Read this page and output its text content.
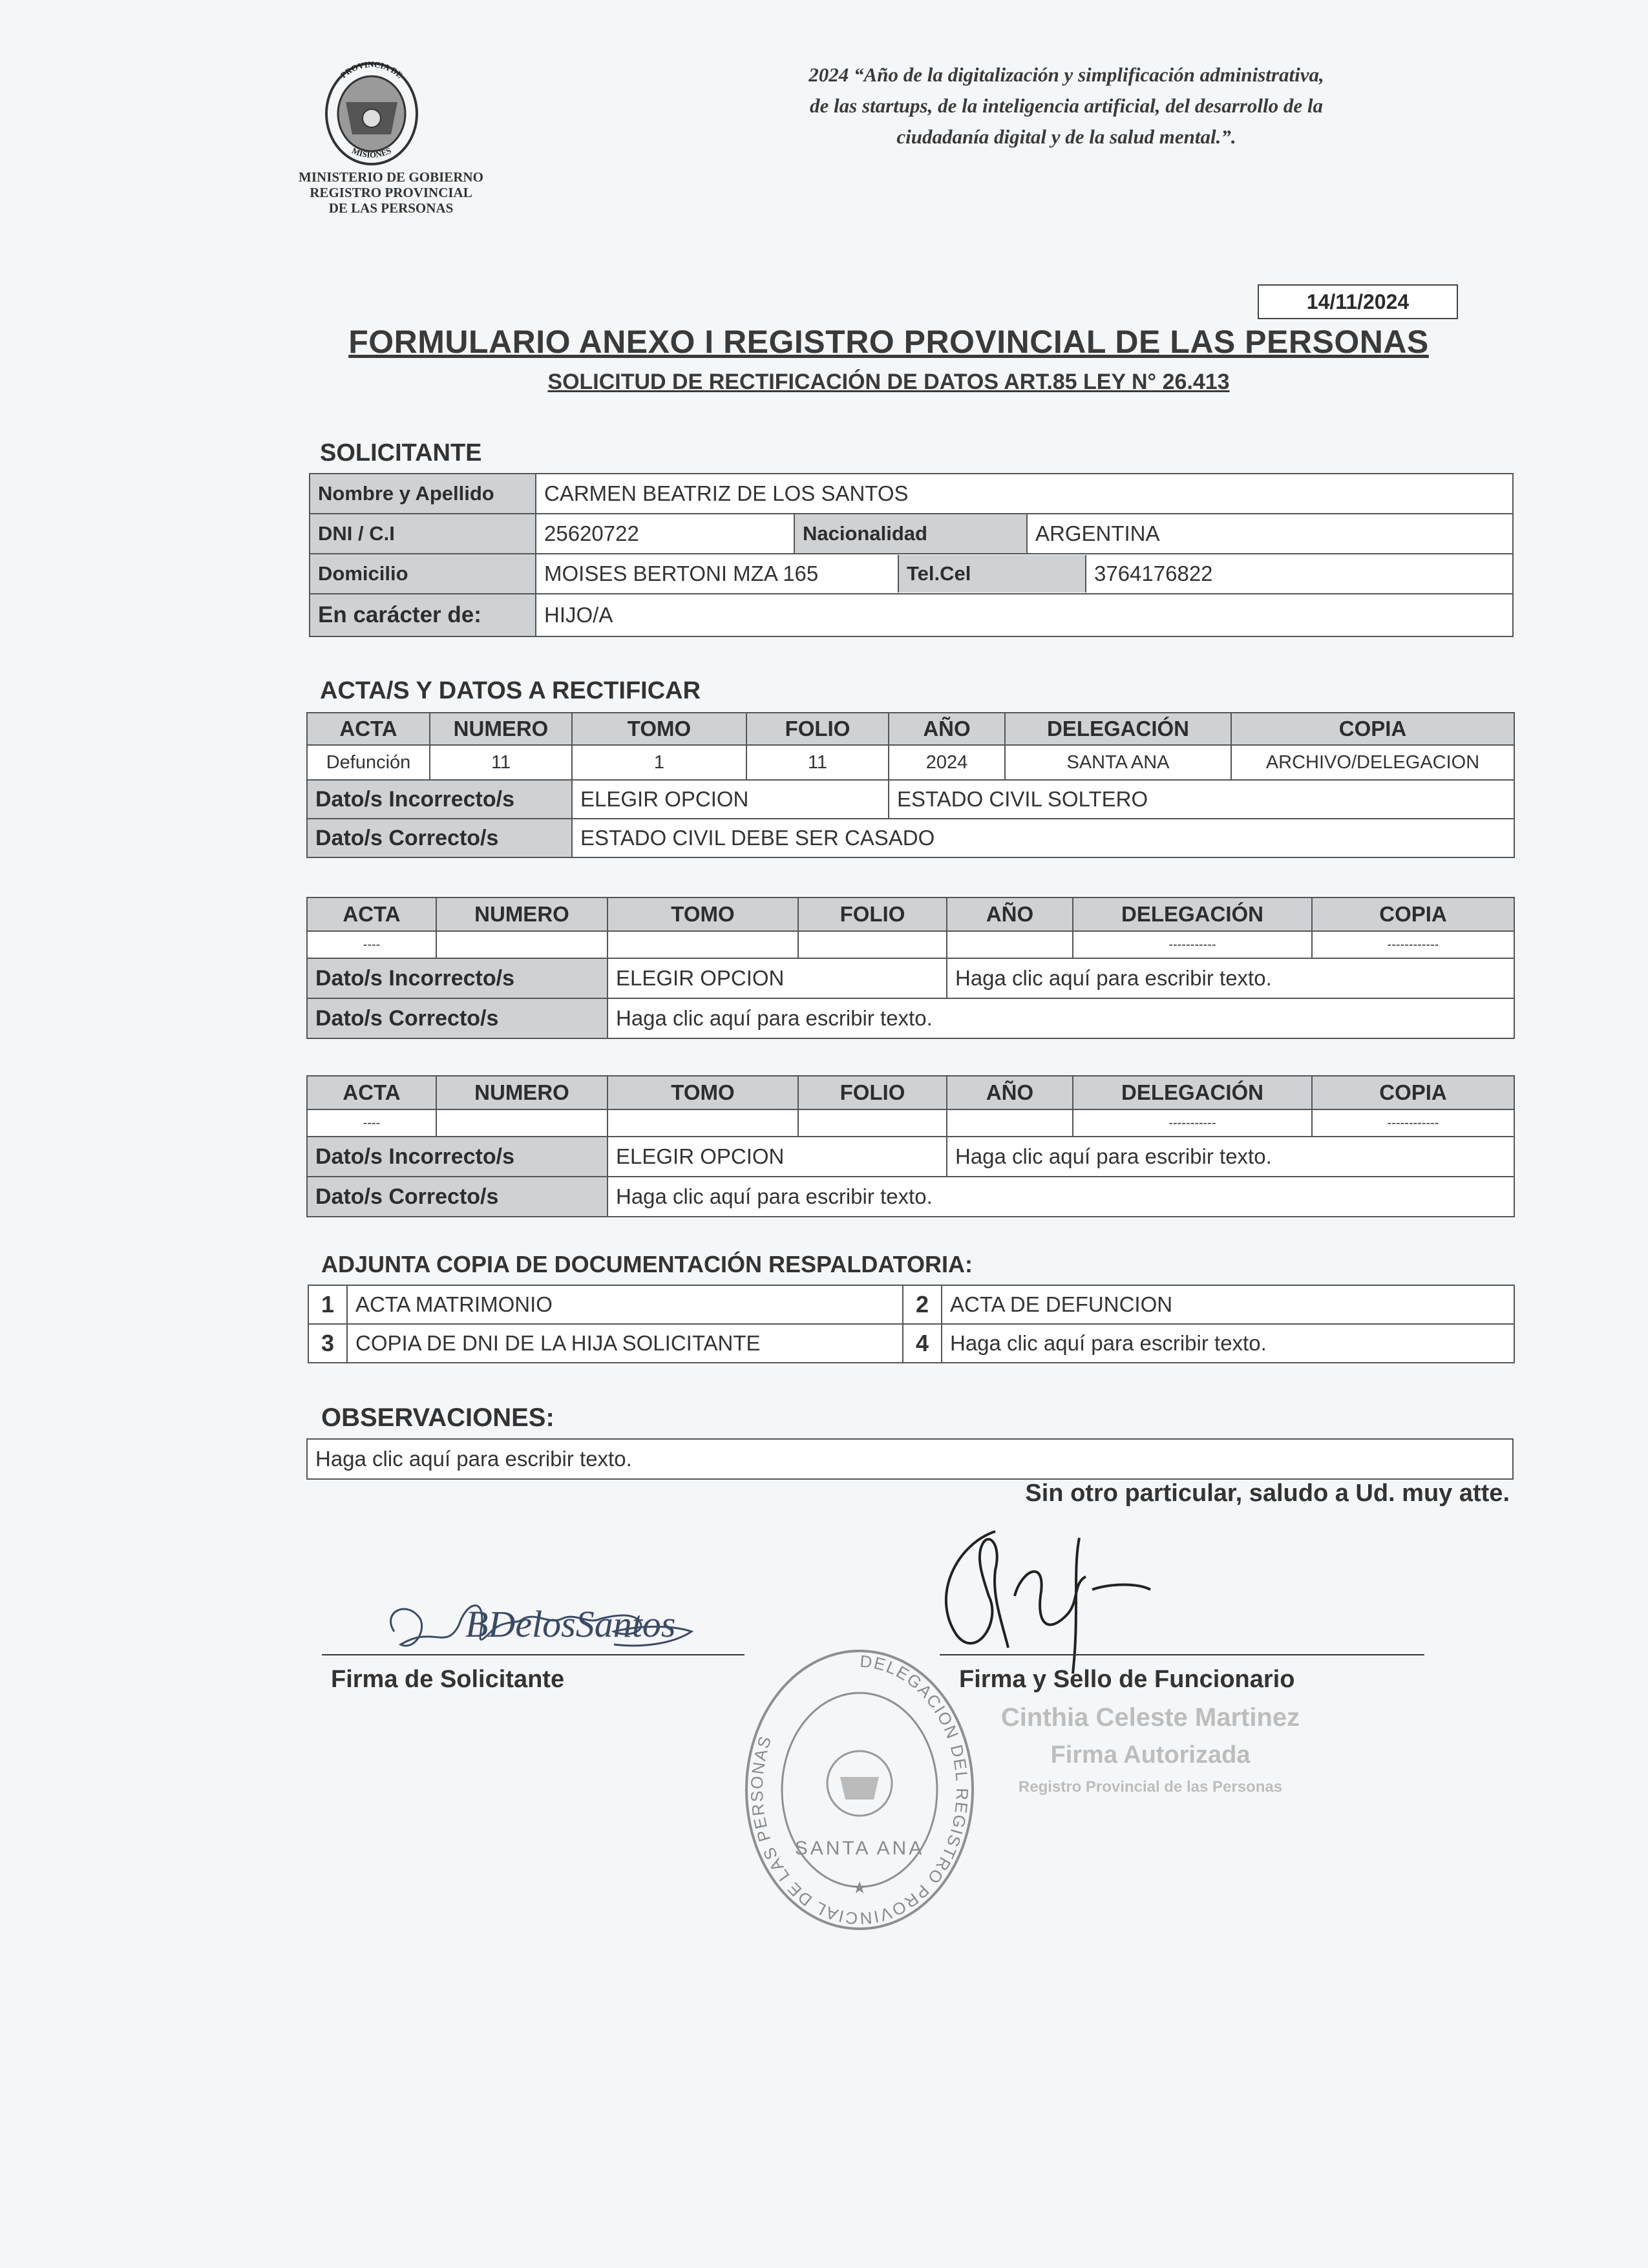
PROVINCIA DE
MISIONES
MINISTERIO DE GOBIERNO
REGISTRO PROVINCIAL
DE LAS PERSONAS
2024 “Año de la digitalización y simplificación administrativa,
de las startups, de la inteligencia artificial, del desarrollo de la
ciudadanía digital y de la salud mental.”.
14/11/2024
FORMULARIO ANEXO I REGISTRO PROVINCIAL DE LAS PERSONAS
SOLICITUD DE RECTIFICACIÓN DE DATOS ART.85 LEY N° 26.413
SOLICITANTE
Nombre y Apellido	CARMEN BEATRIZ DE LOS SANTOS
DNI / C.I	25620722	Nacionalidad	ARGENTINA
Domicilio		MOISES BERTONI MZA 165	Tel.Cel	3764176822

En carácter de:	HIJO/A
ACTA/S Y DATOS A RECTIFICAR
ACTA	NUMERO	TOMO	FOLIO	AÑO	DELEGACIÓN	COPIA
Defunción	11	1	11	2024	SANTA ANA	ARCHIVO/DELEGACION
Dato/s Incorrecto/s		ELEGIR OPCION		ESTADO CIVIL SOLTERO		
Dato/s Correcto/s		ESTADO CIVIL DEBE SER CASADO				
ACTA	NUMERO	TOMO	FOLIO	AÑO	DELEGACIÓN	COPIA
----					-----------	------------
Dato/s Incorrecto/s		ELEGIR OPCION		Haga clic aquí para escribir texto.		
Dato/s Correcto/s		Haga clic aquí para escribir texto.				
ACTA	NUMERO	TOMO	FOLIO	AÑO	DELEGACIÓN	COPIA
----					-----------	------------
Dato/s Incorrecto/s		ELEGIR OPCION		Haga clic aquí para escribir texto.		
Dato/s Correcto/s		Haga clic aquí para escribir texto.				
ADJUNTA COPIA DE DOCUMENTACIÓN RESPALDATORIA:
1	ACTA MATRIMONIO	2	ACTA DE DEFUNCION
3	COPIA DE DNI DE LA HIJA SOLICITANTE	4	Haga clic aquí para escribir texto.
OBSERVACIONES:
Haga clic aquí para escribir texto.
Sin otro particular, saludo a Ud. muy atte.
BDelosSantos
Firma de Solicitante	Firma y Sello de Funcionario
Cinthia Celeste Martinez
Firma Autorizada
Registro Provincial de las Personas
DELEGACION DEL REGISTRO PROVINCIAL DE LAS PERSONAS
SANTA ANA
★
